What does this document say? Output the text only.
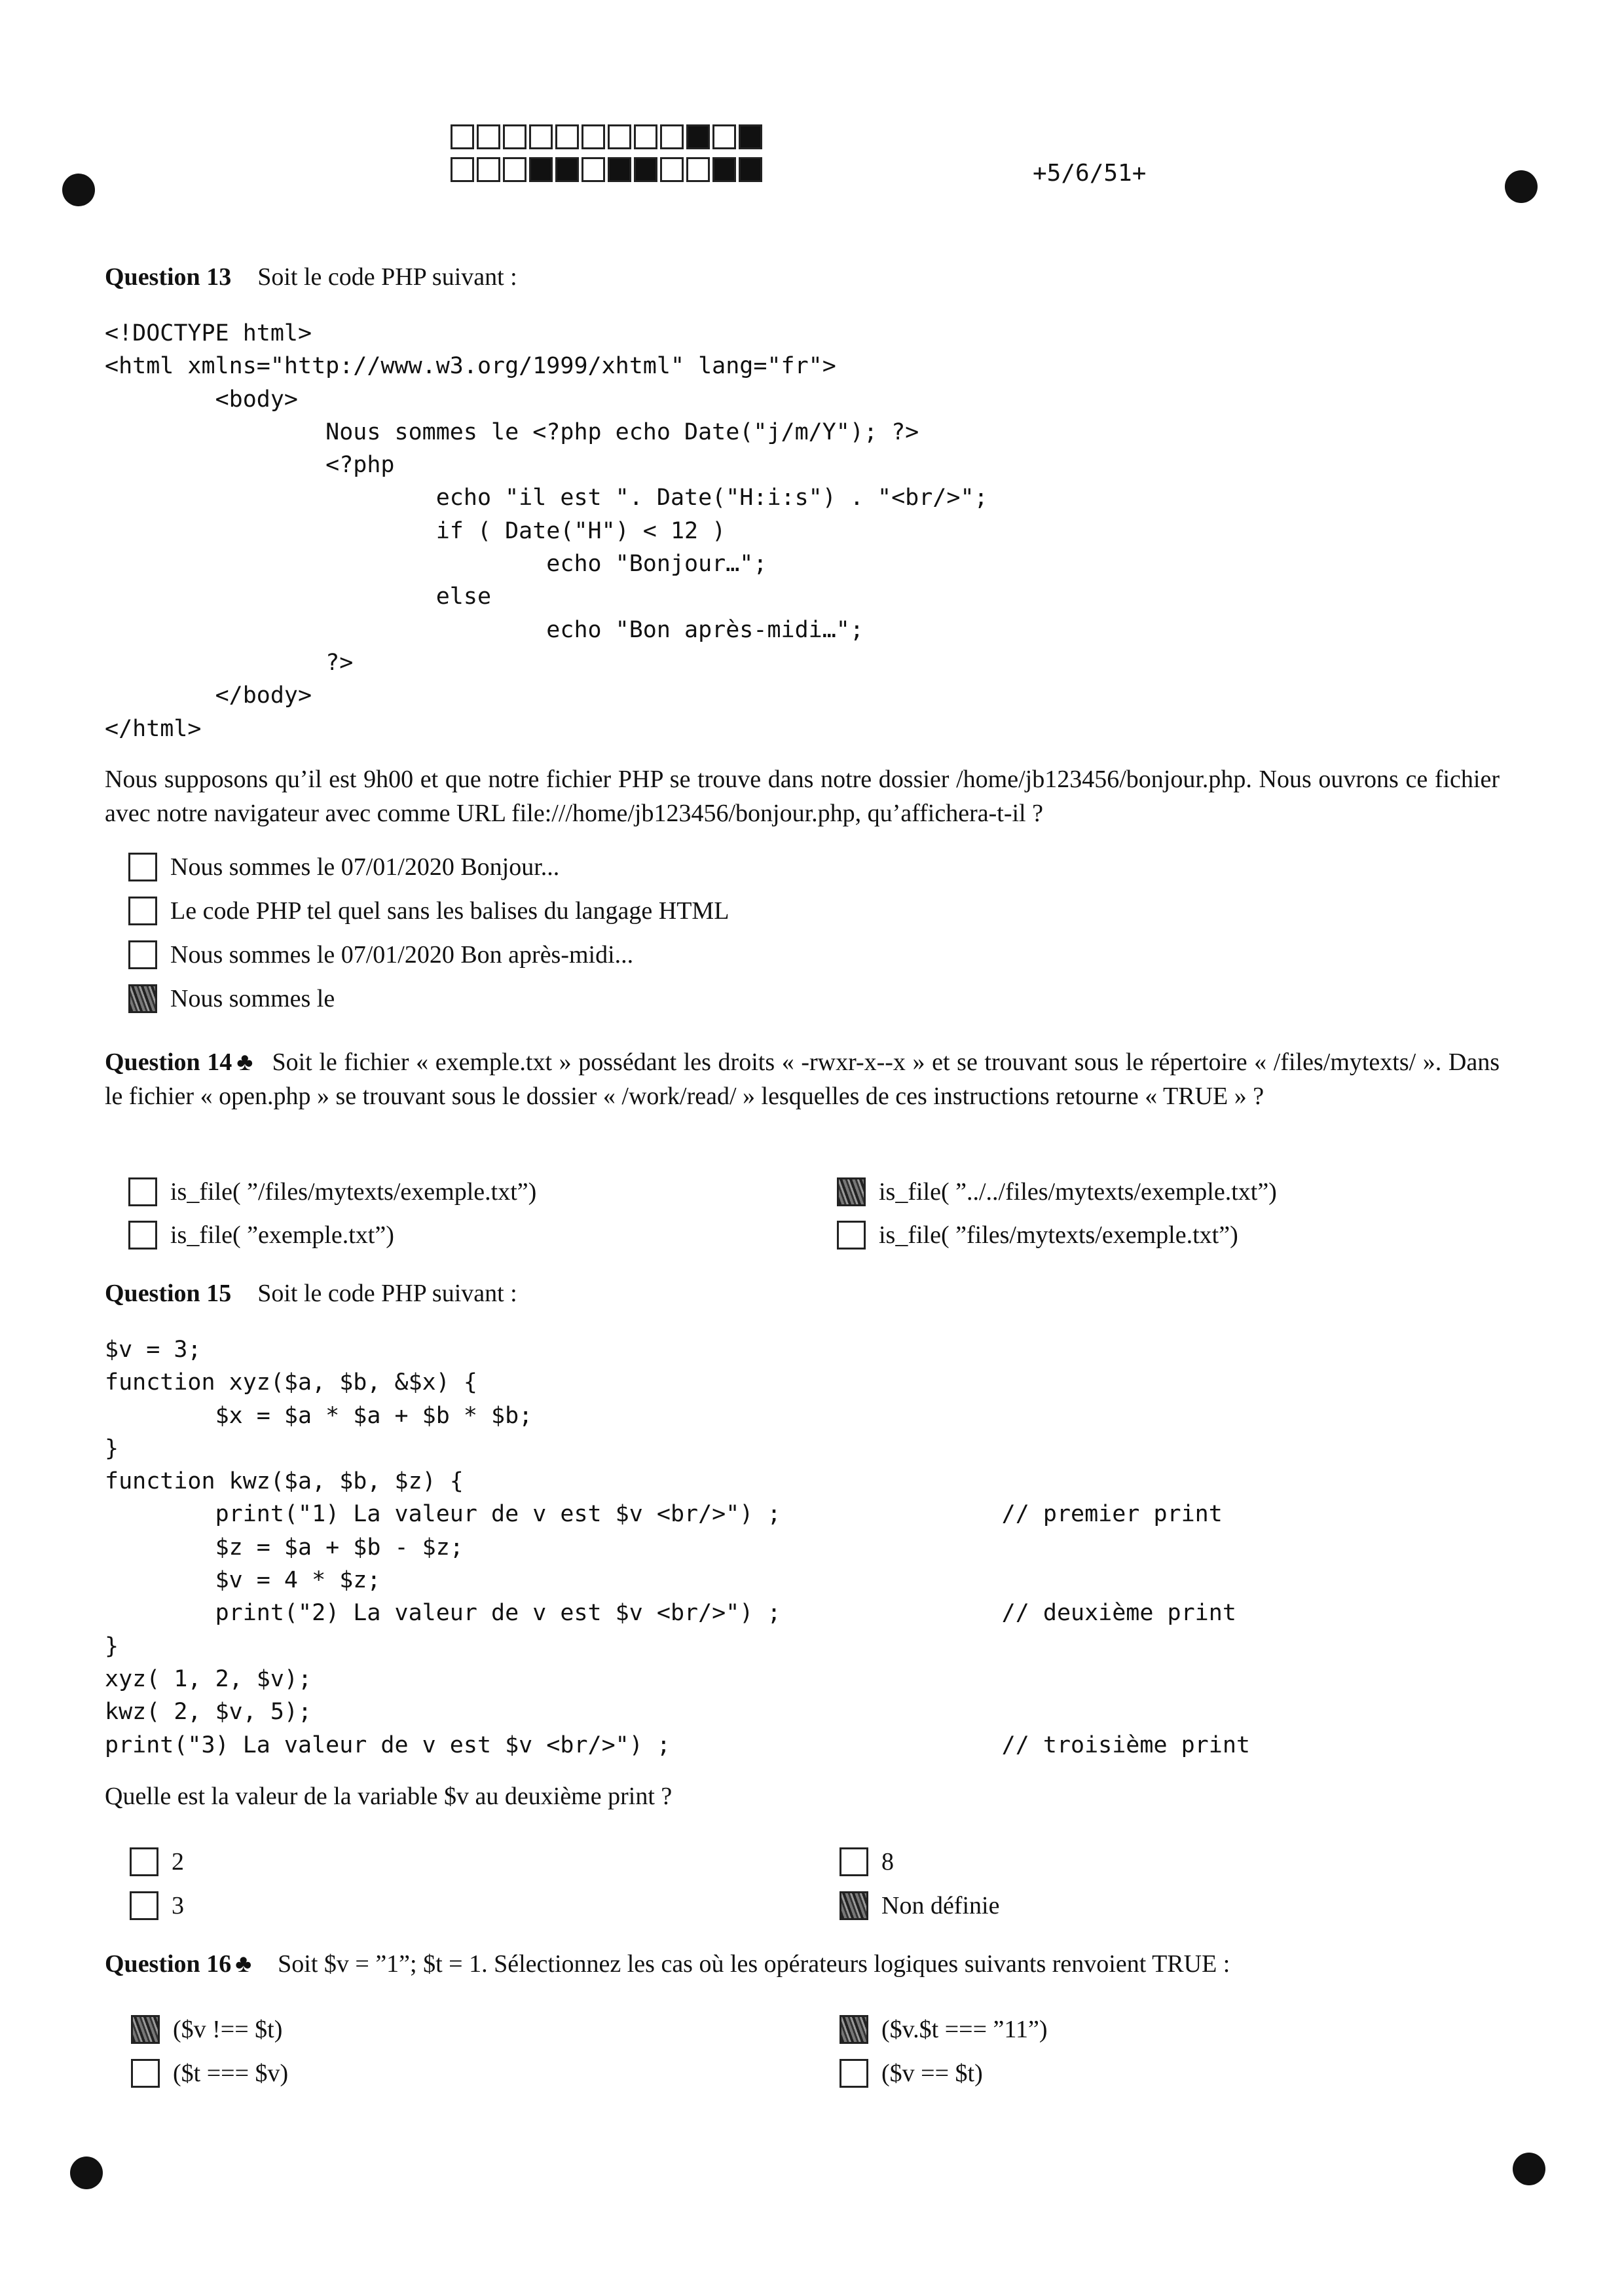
+5/6/51+
Question 13 Soit le code PHP suivant :
<!DOCTYPE html>
<html xmlns="http://www.w3.org/1999/xhtml" lang="fr">
<body>
Nous sommes le <?php echo Date("j/m/Y"); ?>
<?php
echo "il est ". Date("H:i:s") . "<br/>";
if ( Date("H") < 12 )
echo "Bonjour…";
else
echo "Bon après-midi…";
?>
</body>
</html>

Nous supposons qu’il est 9h00 et que notre fichier PHP se trouve dans notre dossier /home/jb123456/bonjour.php. Nous ouvrons ce fichier avec notre navigateur avec comme URL file:///home/jb123456/bonjour.php, qu’affichera-t-il ?
Nous sommes le 07/01/2020 Bonjour...
Le code PHP tel quel sans les balises du langage HTML
Nous sommes le 07/01/2020 Bon après-midi...
Nous sommes le
Question 14 ♣ Soit le fichier « exemple.txt » possédant les droits « -rwxr-x--x » et se trouvant sous le répertoire « /files/mytexts/ ». Dans le fichier « open.php » se trouvant sous le dossier « /work/read/ » lesquelles de ces instructions retourne « TRUE » ?
is_file( ”/files/mytexts/exemple.txt”)
is_file( ”exemple.txt”)
is_file( ”../../files/mytexts/exemple.txt”)
is_file( ”files/mytexts/exemple.txt”)
Question 15 Soit le code PHP suivant :
$v = 3;
function xyz($a, $b, &$x) {
$x = $a * $a + $b * $b;
}
function kwz($a, $b, $z) {
print("1) La valeur de v est $v <br/>") ;                // premier print
$z = $a + $b - $z;
$v = 4 * $z;
print("2) La valeur de v est $v <br/>") ;                // deuxième print
}
xyz( 1, 2, $v);
kwz( 2, $v, 5);
print("3) La valeur de v est $v <br/>") ;                        // troisième print

Quelle est la valeur de la variable $v au deuxième print ?
2
3
8
Non définie
Question 16 ♣ Soit $v = ”1”; $t = 1. Sélectionnez les cas où les opérateurs logiques suivants renvoient TRUE :
($v !== $t)
($t === $v)
($v.$t === ”11”)
($v == $t)
